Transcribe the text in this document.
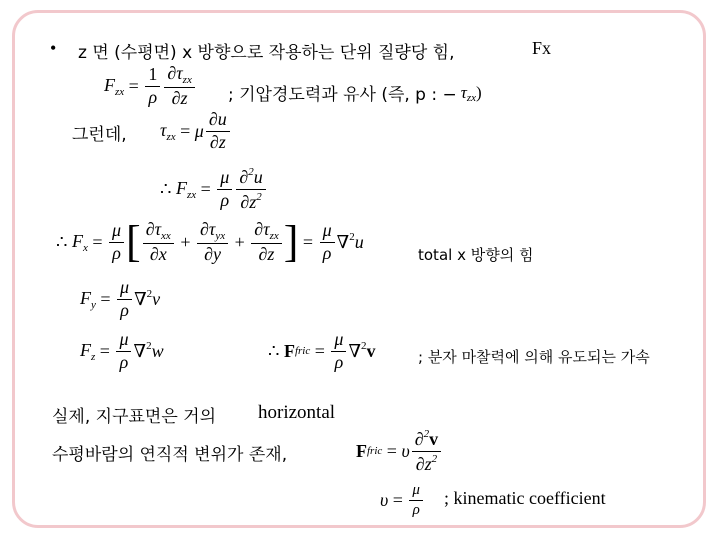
• z 면 (수평면) x 방향으로 작용하는 단위 질량당 힘,	Fx
$F_{zx} = \frac{1}{\rho} \frac{\partial\tau_{zx}}{\partial z}$ ; 기압경도력과 유사 (즉, p : − τ zx )
그런데, $\tau_{zx} = \mu \frac{\partial u}{\partial z}$
∴ $F_{zx} = \frac{\mu}{\rho} \frac{\partial^2u}{\partial z^2}$
∴ $F_x = \frac{\mu}{\rho}$ [ $\frac{\partial\tau_{xx}}{\partial x} + \frac{\partial\tau_{yx}}{\partial y} + \frac{\partial\tau_{zx}}{\partial z}$ ] = $\frac{\mu}{\rho} \nabla^2$ u
total x 방향의 힘
$F_y = \frac{\mu}{\rho} \nabla^2$ v
$F_z = \frac{\mu}{\rho} \nabla^2$ w	∴ F fric = $\frac{\mu}{\rho} \nabla^2$ v	; 분자 마찰력에 의해 유도되는 가속
실제, 지구표면은 거의 horizontal
수평바람의 연직적 변위가 존재,	F fric = υ $\frac{\partial^2v}{\partial z^2}$
$\upsilon = \frac{\mu}{\rho}$ ; kinematic coefficient
